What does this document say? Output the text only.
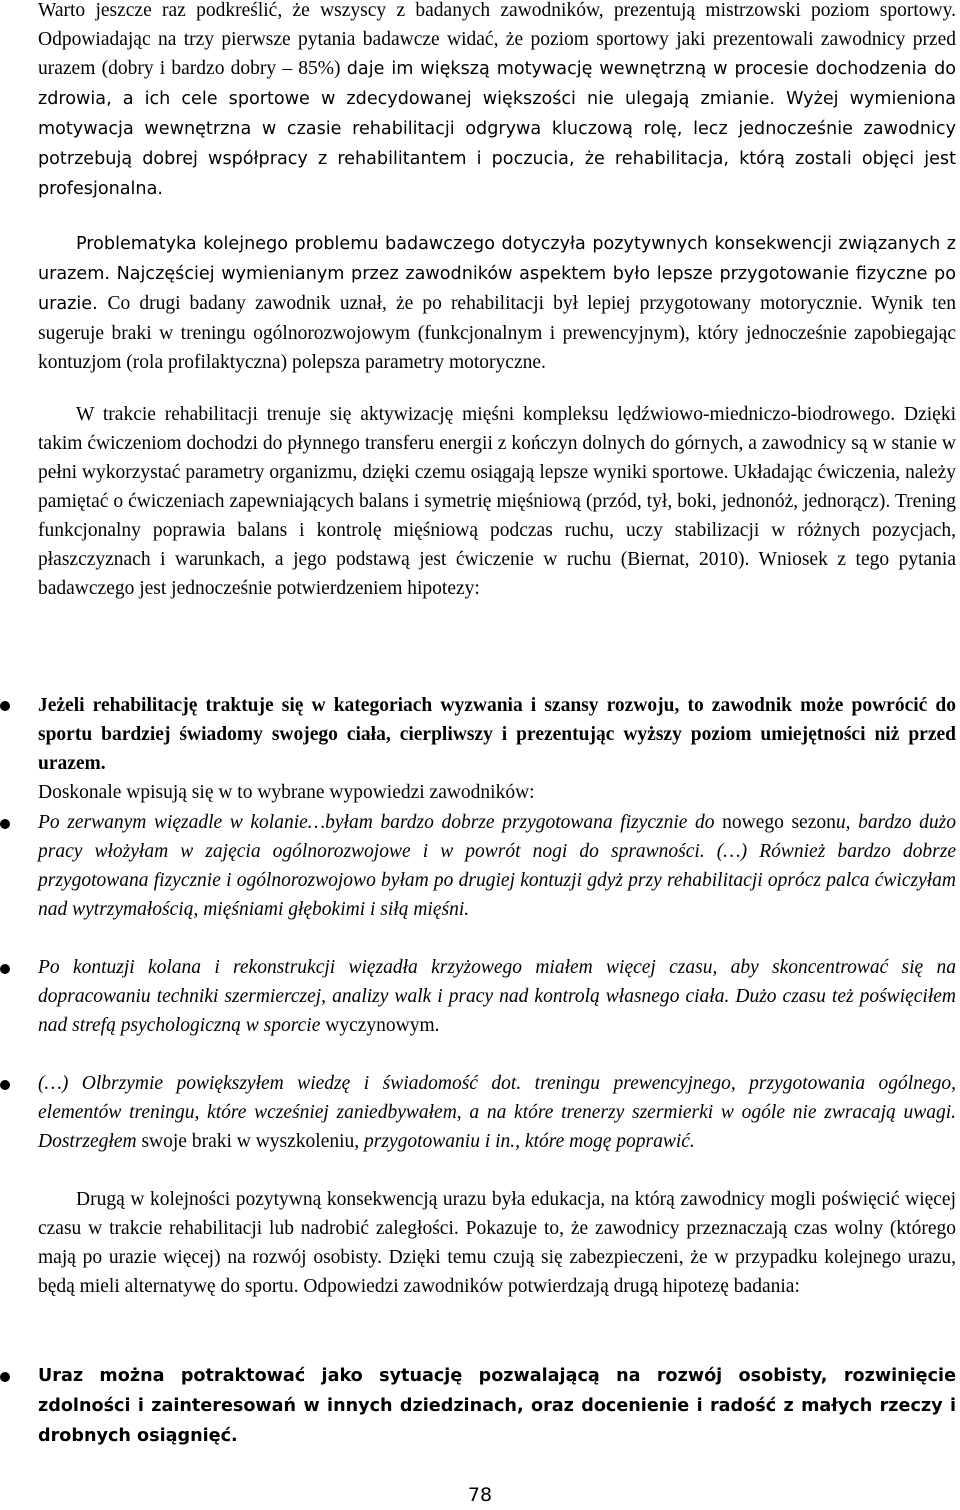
Warto jeszcze raz podkreślić, że wszyscy z badanych zawodników, prezentują mistrzowski poziom sportowy. Odpowiadając na trzy pierwsze pytania badawcze widać, że poziom sportowy jaki prezentowali zawodnicy przed urazem (dobry i bardzo dobry – 85%) daje im większą motywację wewnętrzną w procesie dochodzenia do zdrowia, a ich cele sportowe w zdecydowanej większości nie ulegają zmianie. Wyżej wymieniona motywacja wewnętrzna w czasie rehabilitacji odgrywa kluczową rolę, lecz jednocześnie zawodnicy potrzebują dobrej współpracy z rehabilitantem i poczucia, że rehabilitacja, którą zostali objęci jest profesjonalna.

Problematyka kolejnego problemu badawczego dotyczyła pozytywnych konsekwencji związanych z urazem. Najczęściej wymienianym przez zawodników aspektem było lepsze przygotowanie fizyczne po urazie. Co drugi badany zawodnik uznał, że po rehabilitacji był lepiej przygotowany motorycznie. Wynik ten sugeruje braki w treningu ogólnorozwojowym (funkcjonalnym i prewencyjnym), który jednocześnie zapobiegając kontuzjom (rola profilaktyczna) polepsza parametry motoryczne.

W trakcie rehabilitacji trenuje się aktywizację mięśni kompleksu lędźwiowo-miedniczo-biodrowego. Dzięki takim ćwiczeniom dochodzi do płynnego transferu energii z kończyn dolnych do górnych, a zawodnicy są w stanie w pełni wykorzystać parametry organizmu, dzięki czemu osiągają lepsze wyniki sportowe. Układając ćwiczenia, należy pamiętać o ćwiczeniach zapewniających balans i symetrię mięśniową (przód, tył, boki, jednonóż, jednorącz). Trening funkcjonalny poprawia balans i kontrolę mięśniową podczas ruchu, uczy stabilizacji w różnych pozycjach, płaszczyznach i warunkach, a jego podstawą jest ćwiczenie w ruchu (Biernat, 2010). Wniosek z tego pytania badawczego jest jednocześnie potwierdzeniem hipotezy:

Jeżeli rehabilitację traktuje się w kategoriach wyzwania i szansy rozwoju, to zawodnik może powrócić do sportu bardziej świadomy swojego ciała, cierpliwszy i prezentując wyższy poziom umiejętności niż przed urazem.

Doskonale wpisują się w to wybrane wypowiedzi zawodników:

Po zerwanym więzadle w kolanie…byłam bardzo dobrze przygotowana fizycznie do nowego sezonu, bardzo dużo pracy włożyłam w zajęcia ogólnorozwojowe i w powrót nogi do sprawności. (…) Również bardzo dobrze przygotowana fizycznie i ogólnorozwojowo byłam po drugiej kontuzji gdyż przy rehabilitacji oprócz palca ćwiczyłam nad wytrzymałością, mięśniami głębokimi i siłą mięśni.

Po kontuzji kolana i rekonstrukcji więzadła krzyżowego miałem więcej czasu, aby skoncentrować się na dopracowaniu techniki szermierczej, analizy walk i pracy nad kontrolą własnego ciała. Dużo czasu też poświęciłem nad strefą psychologiczną w sporcie wyczynowym.

(…) Olbrzymie powiększyłem wiedzę i świadomość dot. treningu prewencyjnego, przygotowania ogólnego, elementów treningu, które wcześniej zaniedbywałem, a na które trenerzy szermierki w ogóle nie zwracają uwagi. Dostrzegłem swoje braki w wyszkoleniu, przygotowaniu i in., które mogę poprawić.

Drugą w kolejności pozytywną konsekwencją urazu była edukacja, na którą zawodnicy mogli poświęcić więcej czasu w trakcie rehabilitacji lub nadrobić zaległości. Pokazuje to, że zawodnicy przeznaczają czas wolny (którego mają po urazie więcej) na rozwój osobisty. Dzięki temu czują się zabezpieczeni, że w przypadku kolejnego urazu, będą mieli alternatywę do sportu. Odpowiedzi zawodników potwierdzają drugą hipotezę badania:

Uraz można potraktować jako sytuację pozwalającą na rozwój osobisty, rozwinięcie zdolności i zainteresowań w innych dziedzinach, oraz docenienie i radość z małych rzeczy i drobnych osiągnięć.

78
